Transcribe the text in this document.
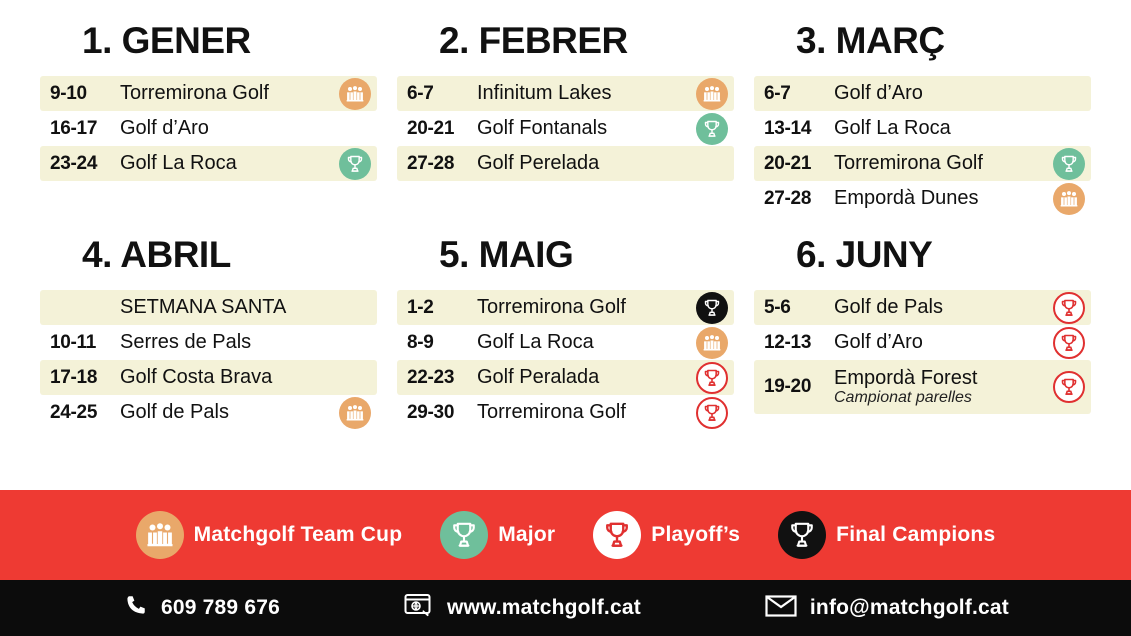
1. GENER
9-10	Torremirona Golf
16-17	Golf d’Aro
23-24	Golf La Roca
2. FEBRER
6-7	Infinitum Lakes
20-21	Golf Fontanals
27-28	Golf Perelada
3. MARÇ
6-7	Golf d’Aro
13-14	Golf La Roca
20-21	Torremirona Golf
27-28	Empordà Dunes
4. ABRIL
SETMANA SANTA
10-11	Serres de Pals
17-18	Golf Costa Brava
24-25	Golf de Pals
5. MAIG
1-2	Torremirona Golf
8-9	Golf La Roca
22-23	Golf Peralada
29-30	Torremirona Golf
6. JUNY
5-6	Golf de Pals
12-13	Golf d’Aro
19-20	Empordà Forest
Campionat parelles
Matchgolf Team Cup	Major	Playoff’s	Final Campions
609 789 676	www.matchgolf.cat	info@matchgolf.cat
